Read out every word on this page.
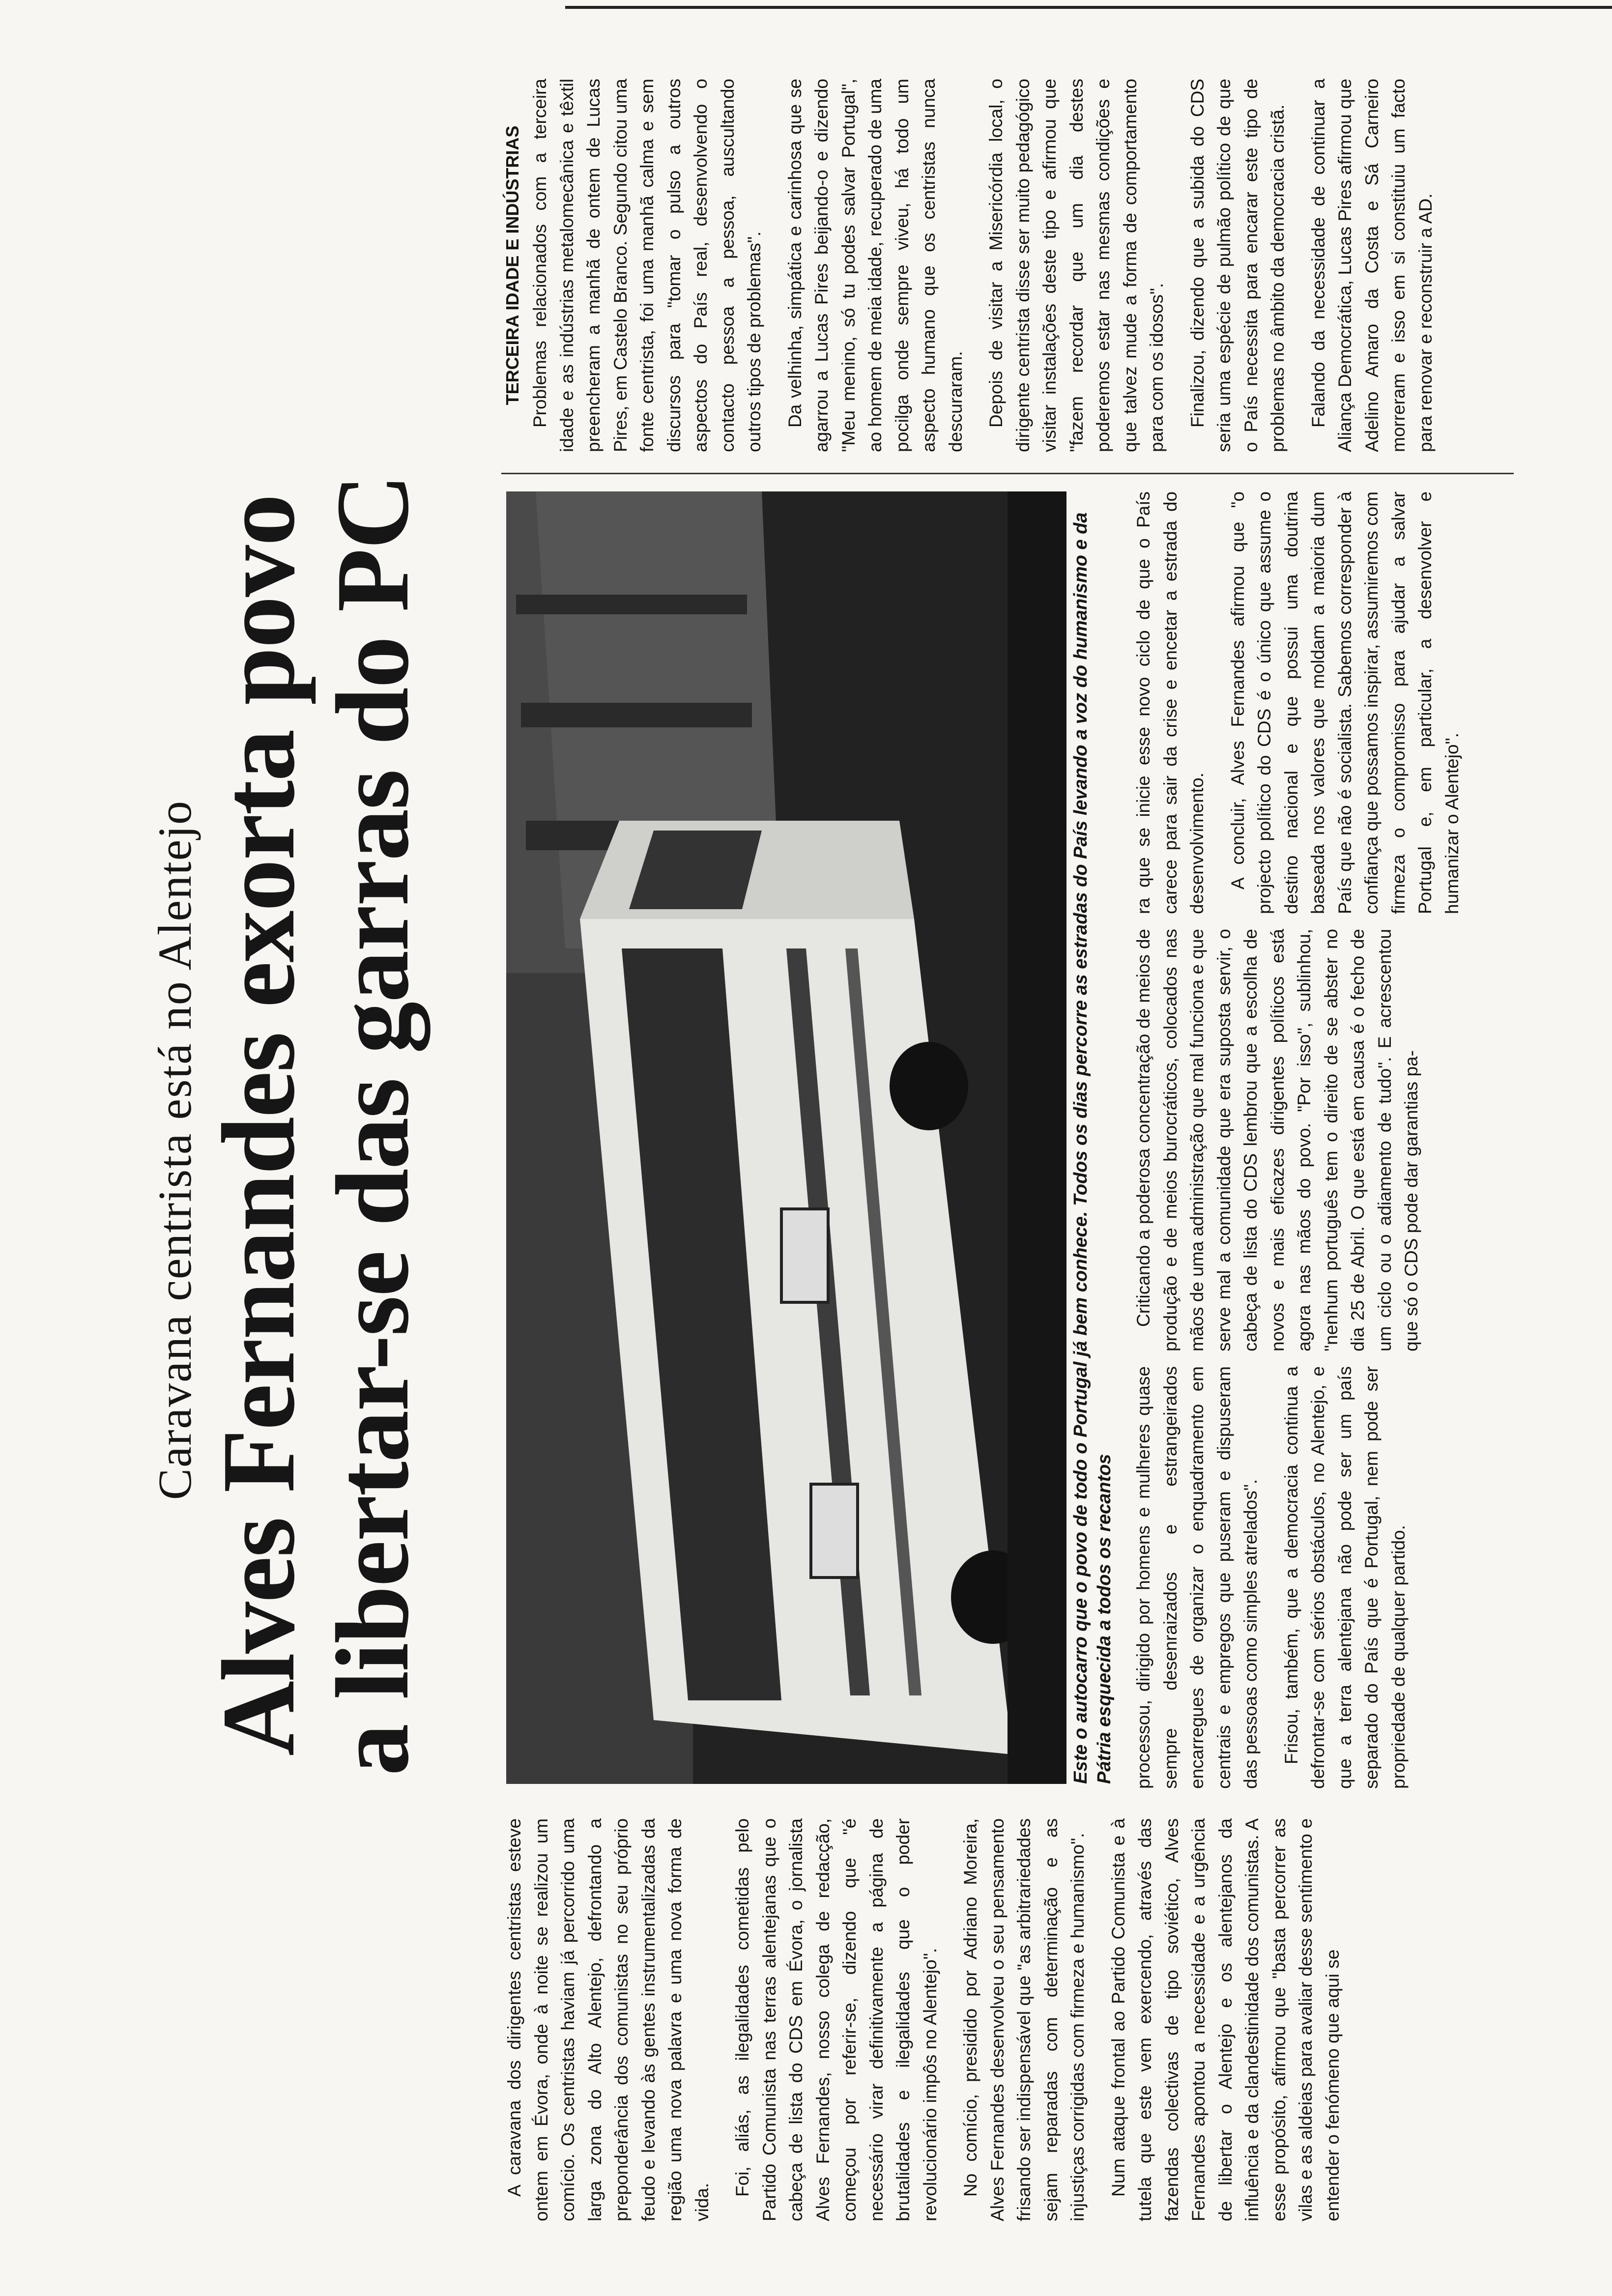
Caravana centrista está no Alentejo Alves Fernandes exorta povo
a libertar-se das garras do PC

A caravana dos dirigentes centristas esteve ontem em Évora, onde à noite se realizou um comício. Os centristas haviam já percorrido uma larga zona do Alto Alentejo, defrontando a preponderância dos comunistas no seu próprio feudo e levando às gentes instrumentalizadas da região uma nova palavra e uma nova forma de vida.

Foi, aliás, as ilegalidades cometidas pelo Partido Comunista nas terras alentejanas que o cabeça de lista do CDS em Évora, o jornalista Alves Fernandes, nosso colega de redacção, começou por referir-se, dizendo que "é necessário virar definitivamente a página de brutalidades e ilegalidades que o poder revolucionário impôs no Alentejo". No comício, presidido por Adriano Moreira, Alves Fernandes desenvolveu o seu pensamento frisando ser indispensável que "as arbitrariedades sejam reparadas com determinação e as injustiças corrigidas com firmeza e humanismo". Num ataque frontal ao Partido Comunista e à tutela que este vem exercendo, através das fazendas colectivas de tipo soviético, Alves Fernandes apontou a necessidade e a urgência de libertar o Alentejo e os alentejanos da influência e da clandestinidade dos comunistas. A esse propósito, afirmou que "basta percorrer as vilas e as aldeias para avaliar desse sentimento e entender o fenómeno que aqui se

Este o autocarro que o povo de todo o Portugal já bem conhece. Todos os dias percorre as estradas do País levando a voz do humanismo e da Pátria esquecida a todos os recantos processou, dirigido por homens e mulheres quase sempre desenraizados e estrangeirados encarregues de organizar o enquadramento em centrais e empregos que puseram e dispuseram das pessoas como simples atrelados". Frisou, também, que a democracia continua a defrontar-se com sérios obstáculos, no Alentejo, e que a terra alentejana não pode ser um país separado do País que é Portugal, nem pode ser propriedade de qualquer partido.

Criticando a poderosa concentração de meios de produção e de meios burocráticos, colocados nas mãos de uma administração que mal funciona e que serve mal a comunidade que era suposta servir, o cabeça de lista do CDS lembrou que a escolha de novos e mais eficazes dirigentes políticos está agora nas mãos do povo. "Por isso", sublinhou, "nenhum português tem o direito de se abster no dia 25 de Abril. O que está em causa é o fecho de um ciclo ou o adiamento de tudo". E acrescentou que só o CDS pode dar garantias pa-

ra que se inicie esse novo ciclo de que o País carece para sair da crise e encetar a estrada do desenvolvimento. A concluir, Alves Fernandes afirmou que "o projecto político do CDS é o único que assume o destino nacional e que possui uma doutrina baseada nos valores que moldam a maioria dum País que não é socialista. Sabemos corresponder à confiança que possamos inspirar, assumiremos com firmeza o compromisso para ajudar a salvar Portugal e, em particular, a desenvolver e humanizar o Alentejo".

TERCEIRA IDADE E INDÚSTRIAS Problemas relacionados com a terceira idade e as indústrias metalomecânica e têxtil preencheram a manhã de ontem de Lucas Pires, em Castelo Branco. Segundo citou uma fonte centrista, foi uma manhã calma e sem discursos para "tomar o pulso a outros aspectos do País real, desenvolvendo o contacto pessoa a pessoa, auscultando outros tipos de problemas". Da velhinha, simpática e carinhosa que se agarrou a Lucas Pires beijando-o e dizendo "Meu menino, só tu podes salvar Portugal", ao homem de meia idade, recuperado de uma pocilga onde sempre viveu, há todo um aspecto humano que os centristas nunca descuraram. Depois de visitar a Misericórdia local, o dirigente centrista disse ser muito pedagógico visitar instalações deste tipo e afirmou que "fazem recordar que um dia destes poderemos estar nas mesmas condições e que talvez mude a forma de comportamento para com os idosos". Finalizou, dizendo que a subida do CDS seria uma espécie de pulmão político de que o País necessita para encarar este tipo de problemas no âmbito da democracia cristã. Falando da necessidade de continuar a Aliança Democrática, Lucas Pires afirmou que Adelino Amaro da Costa e Sá Carneiro morreram e isso em si constituiu um facto para renovar e reconstruir a AD.
